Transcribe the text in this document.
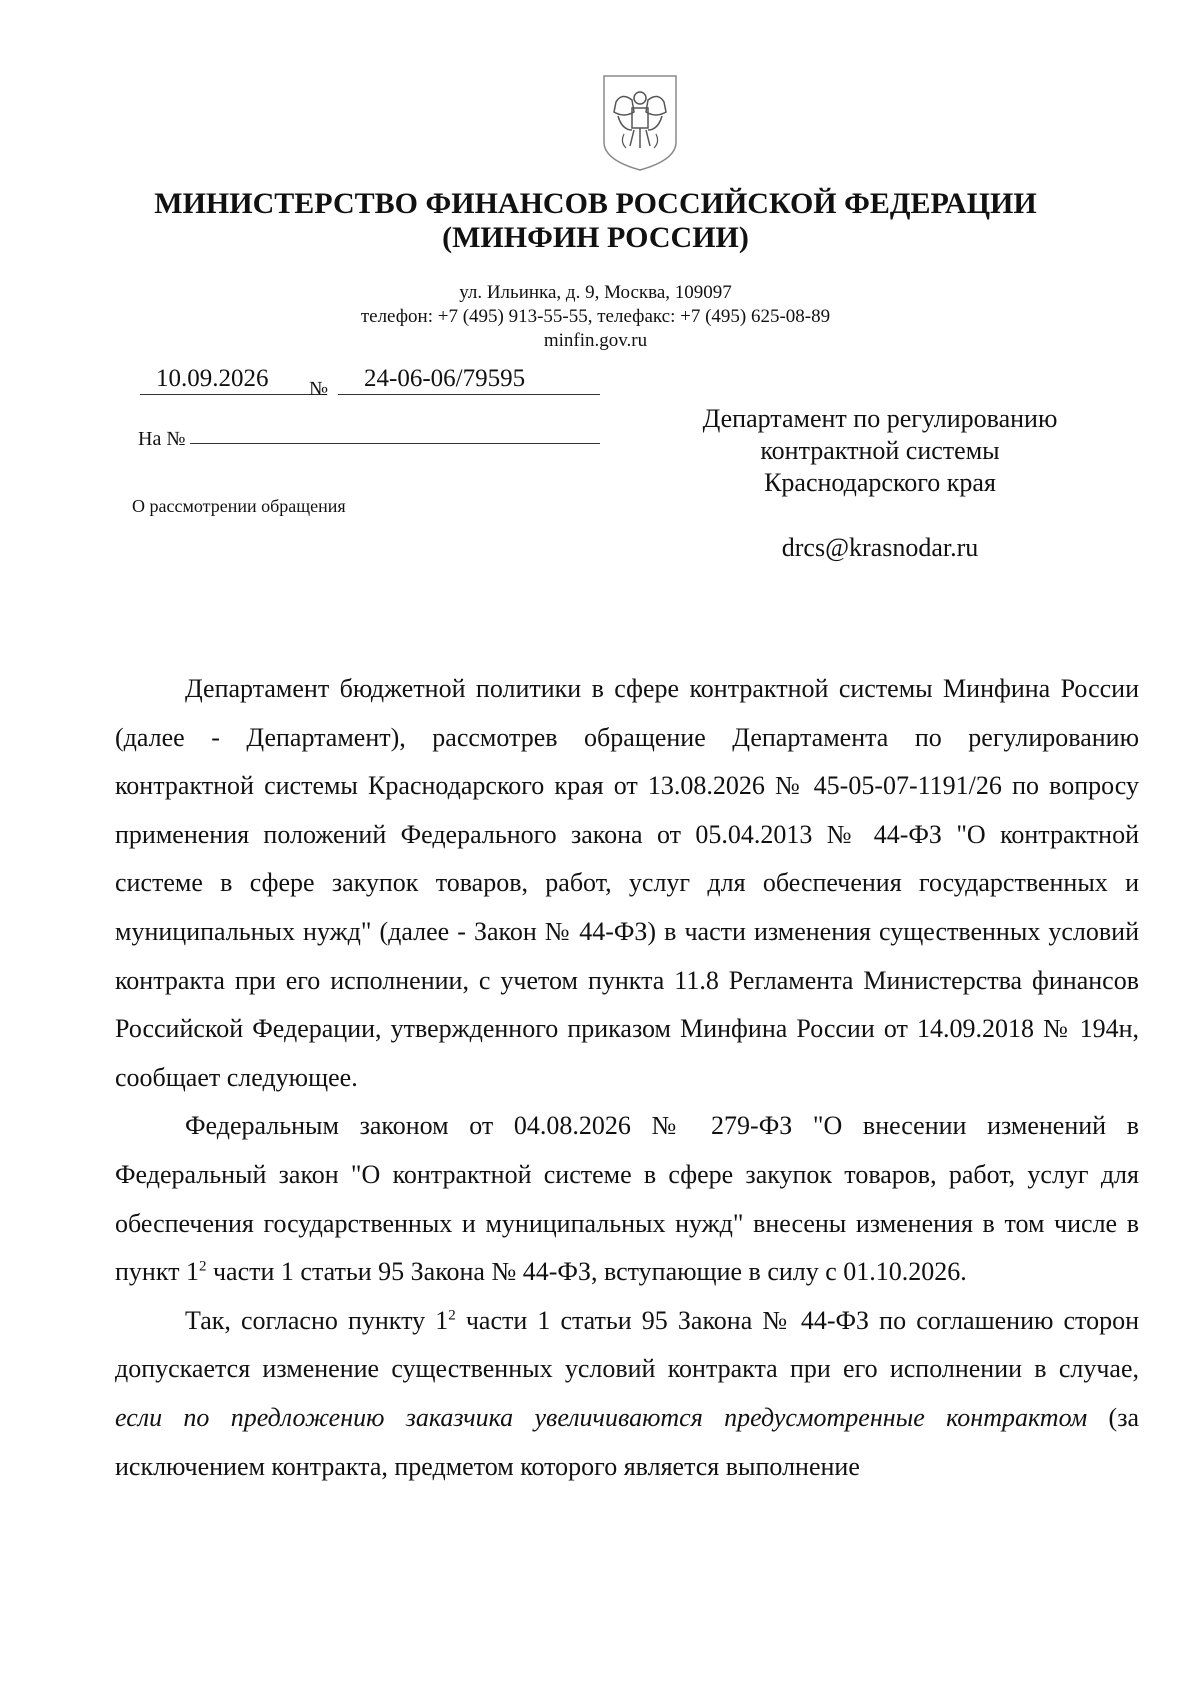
МИНИСТЕРСТВО ФИНАНСОВ РОССИЙСКОЙ ФЕДЕРАЦИИ
(МИНФИН РОССИИ)
ул. Ильинка, д. 9, Москва, 109097
телефон: +7 (495) 913-55-55, телефакс: +7 (495) 625-08-89
minfin.gov.ru
10.09.2026	№	24-06-06/79595
На №
О рассмотрении обращения
Департамент по регулированию
контрактной системы
Краснодарского края
drcs@krasnodar.ru

Департамент бюджетной политики в сфере контрактной системы Минфина России (далее - Департамент), рассмотрев обращение Департамента по регулированию контрактной системы Краснодарского края от 13.08.2026 № 45-05-07-1191/26 по вопросу применения положений Федерального закона от 05.04.2013 № 44-ФЗ "О контрактной системе в сфере закупок товаров, работ, услуг для обеспечения государственных и муниципальных нужд" (далее - Закон № 44-ФЗ) в части изменения существенных условий контракта при его исполнении, с учетом пункта 11.8 Регламента Министерства финансов Российской Федерации, утвержденного приказом Минфина России от 14.09.2018 № 194н, сообщает следующее.

Федеральным законом от 04.08.2026 № 279-ФЗ "О внесении изменений в Федеральный закон "О контрактной системе в сфере закупок товаров, работ, услуг для обеспечения государственных и муниципальных нужд" внесены изменения в том числе в пункт $1^2$ части 1 статьи 95 Закона № 44-ФЗ, вступающие в силу с 01.10.2026.

Так, согласно пункту $1^2$ части 1 статьи 95 Закона № 44-ФЗ по соглашению сторон допускается изменение существенных условий контракта при его исполнении в случае, если по предложению заказчика увеличиваются предусмотренные контрактом (за исключением контракта, предметом которого является выполнение
